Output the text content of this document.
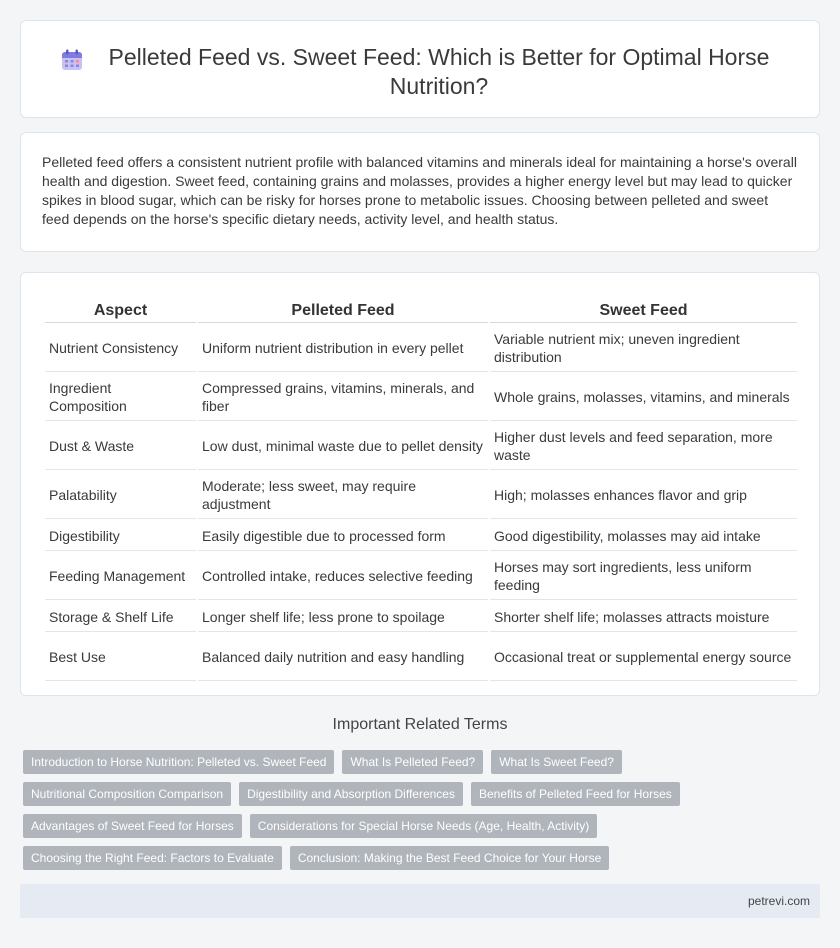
Pelleted Feed vs. Sweet Feed: Which is Better for Optimal Horse Nutrition?

Pelleted feed offers a consistent nutrient profile with balanced vitamins and minerals ideal for maintaining a horse's overall health and digestion. Sweet feed, containing grains and molasses, provides a higher energy level but may lead to quicker spikes in blood sugar, which can be risky for horses prone to metabolic issues. Choosing between pelleted and sweet feed depends on the horse's specific dietary needs, activity level, and health status.

Aspect	Pelleted Feed	Sweet Feed
Nutrient Consistency	Uniform nutrient distribution in every pellet	Variable nutrient mix; uneven ingredient distribution
Ingredient Composition	Compressed grains, vitamins, minerals, and fiber	Whole grains, molasses, vitamins, and minerals
Dust & Waste	Low dust, minimal waste due to pellet density	Higher dust levels and feed separation, more waste
Palatability	Moderate; less sweet, may require adjustment	High; molasses enhances flavor and grip
Digestibility	Easily digestible due to processed form	Good digestibility, molasses may aid intake
Feeding Management	Controlled intake, reduces selective feeding	Horses may sort ingredients, less uniform feeding
Storage & Shelf Life	Longer shelf life; less prone to spoilage	Shorter shelf life; molasses attracts moisture
Best Use	Balanced daily nutrition and easy handling	Occasional treat or supplemental energy source
Important Related Terms
Introduction to Horse Nutrition: Pelleted vs. Sweet Feed	What Is Pelleted Feed?	What Is Sweet Feed?
Nutritional Composition Comparison	Digestibility and Absorption Differences	Benefits of Pelleted Feed for Horses
Advantages of Sweet Feed for Horses	Considerations for Special Horse Needs (Age, Health, Activity)
Choosing the Right Feed: Factors to Evaluate	Conclusion: Making the Best Feed Choice for Your Horse
petrevi.com
